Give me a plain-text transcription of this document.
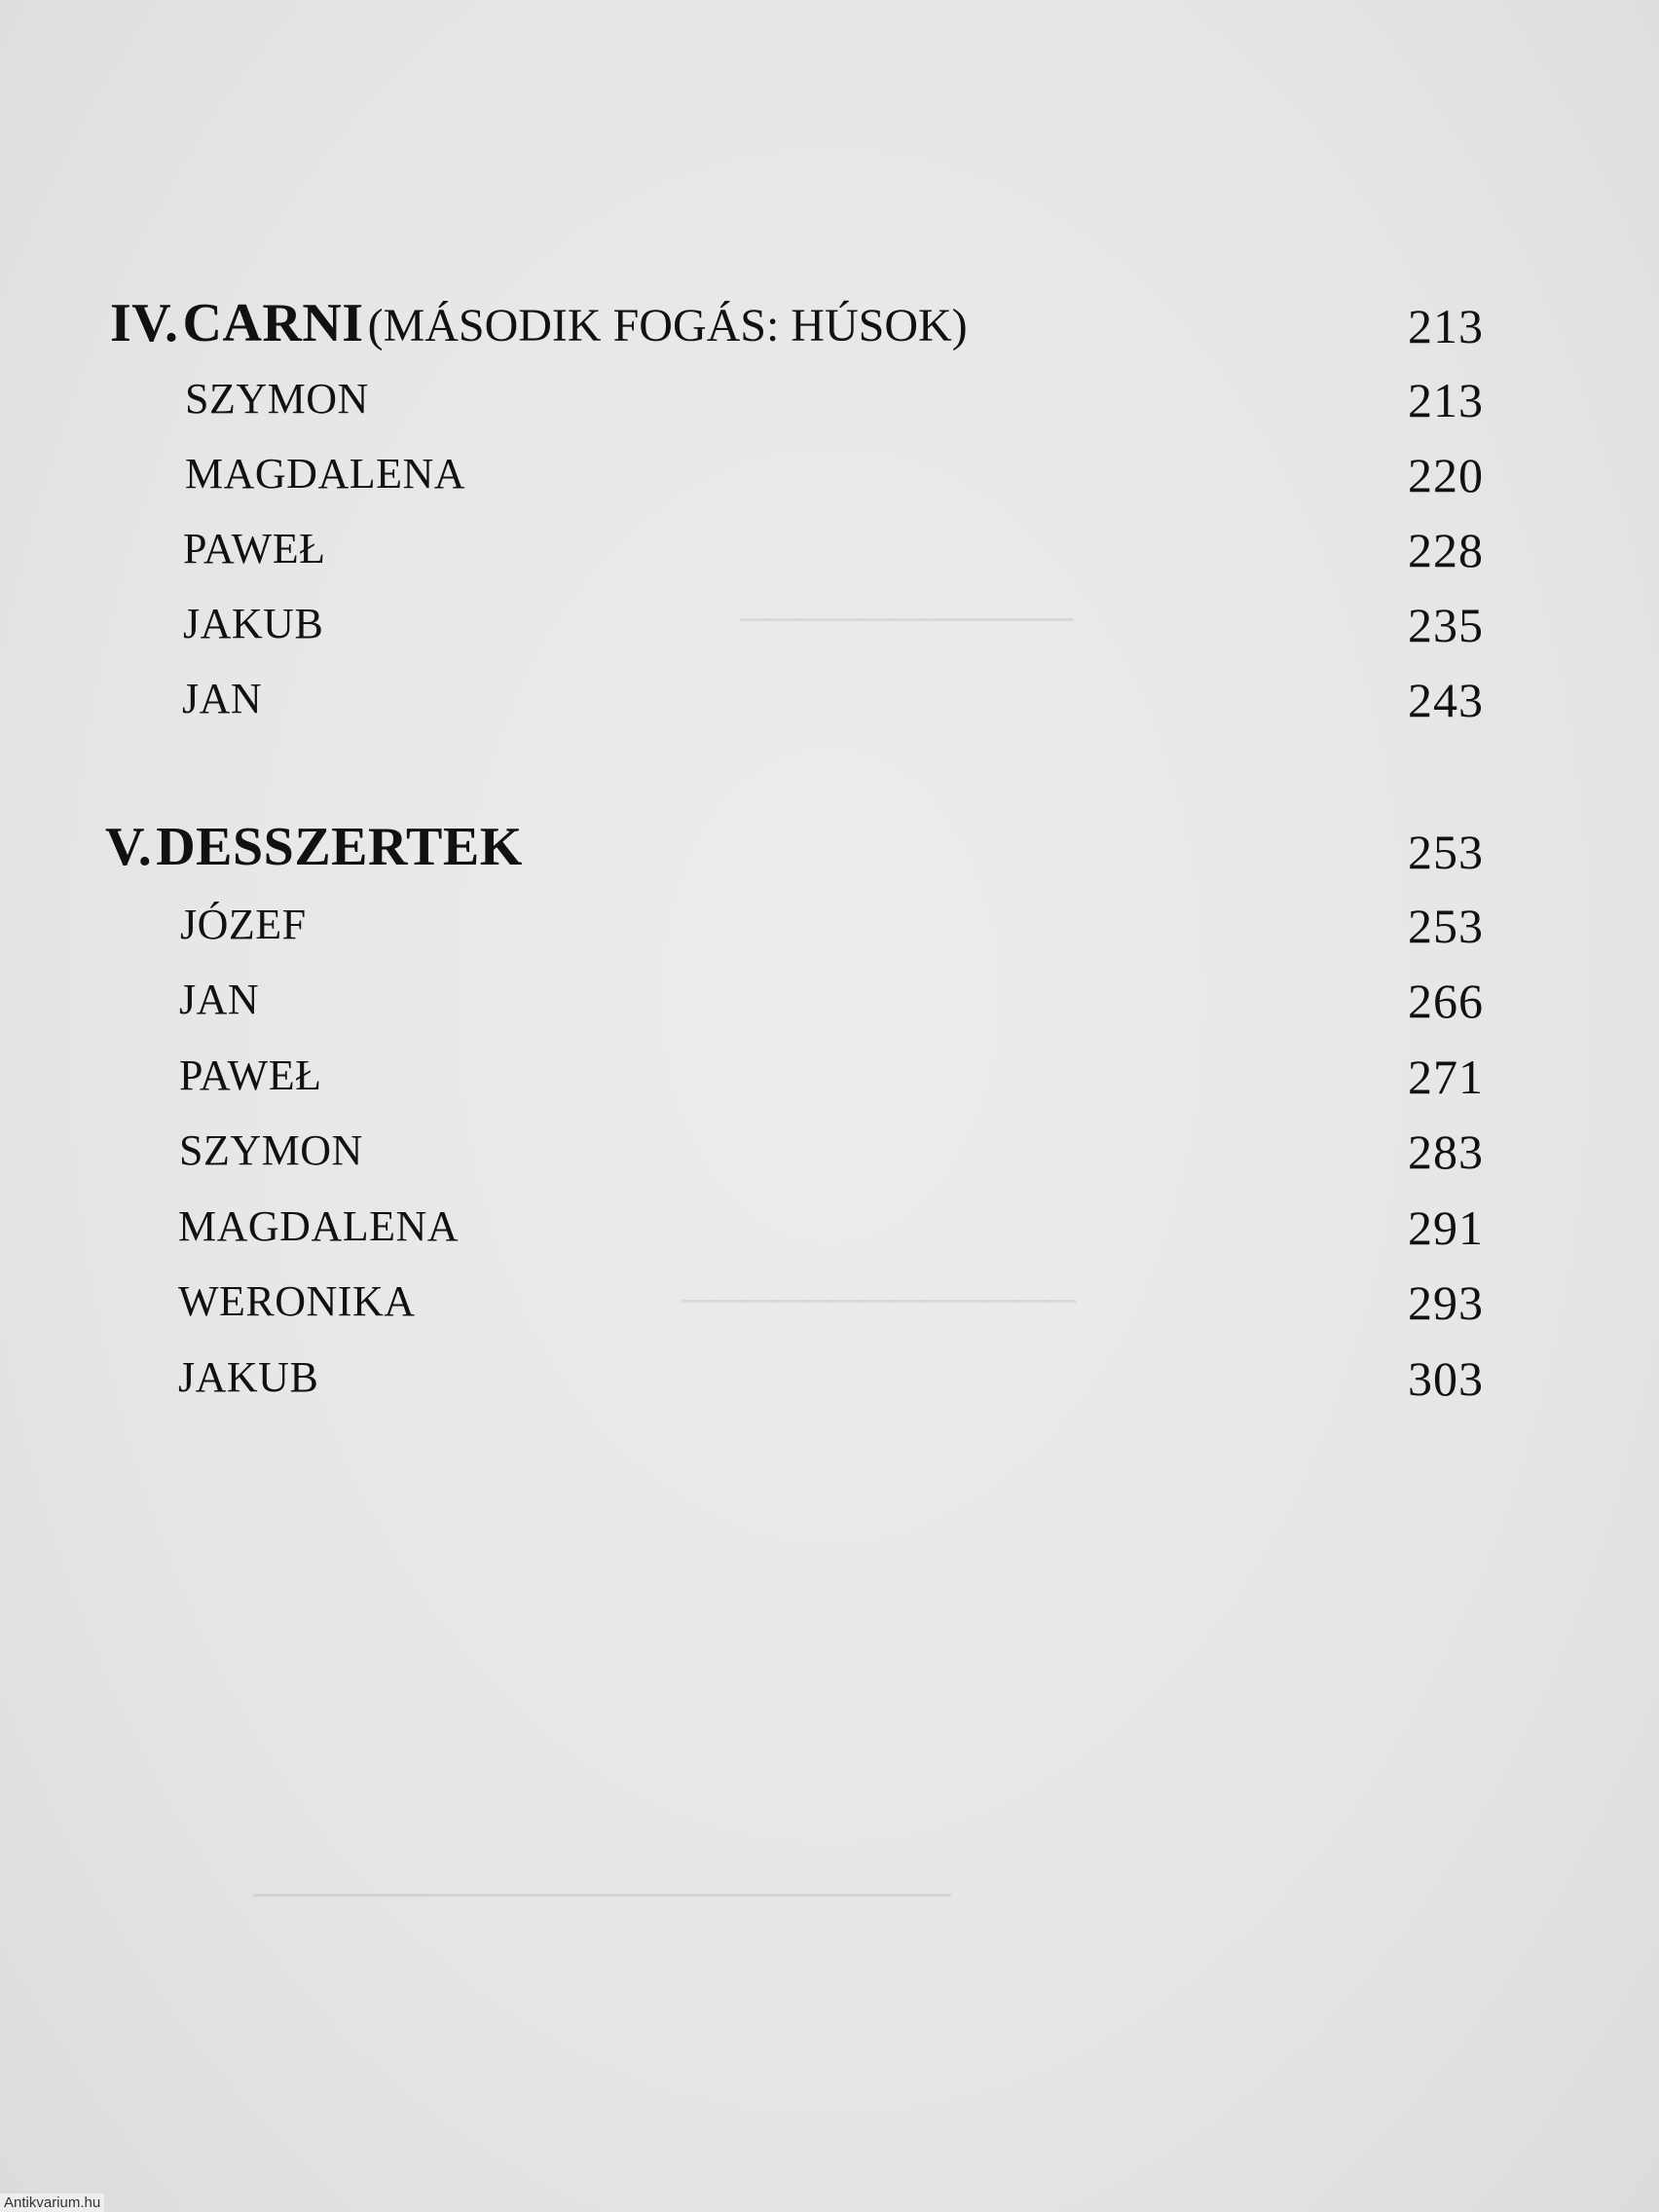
───────────
─────────────
───────────────────────
IV. CARNI (MÁSODIK FOGÁS: HÚSOK)	213
SZYMON	213
MAGDALENA	220
PAWEŁ	228
JAKUB	235
JAN	243
V. DESSZERTEK	253
JÓZEF	253
JAN	266
PAWEŁ	271
SZYMON	283
MAGDALENA	291
WERONIKA	293
JAKUB	303
Antikvarium.hu
